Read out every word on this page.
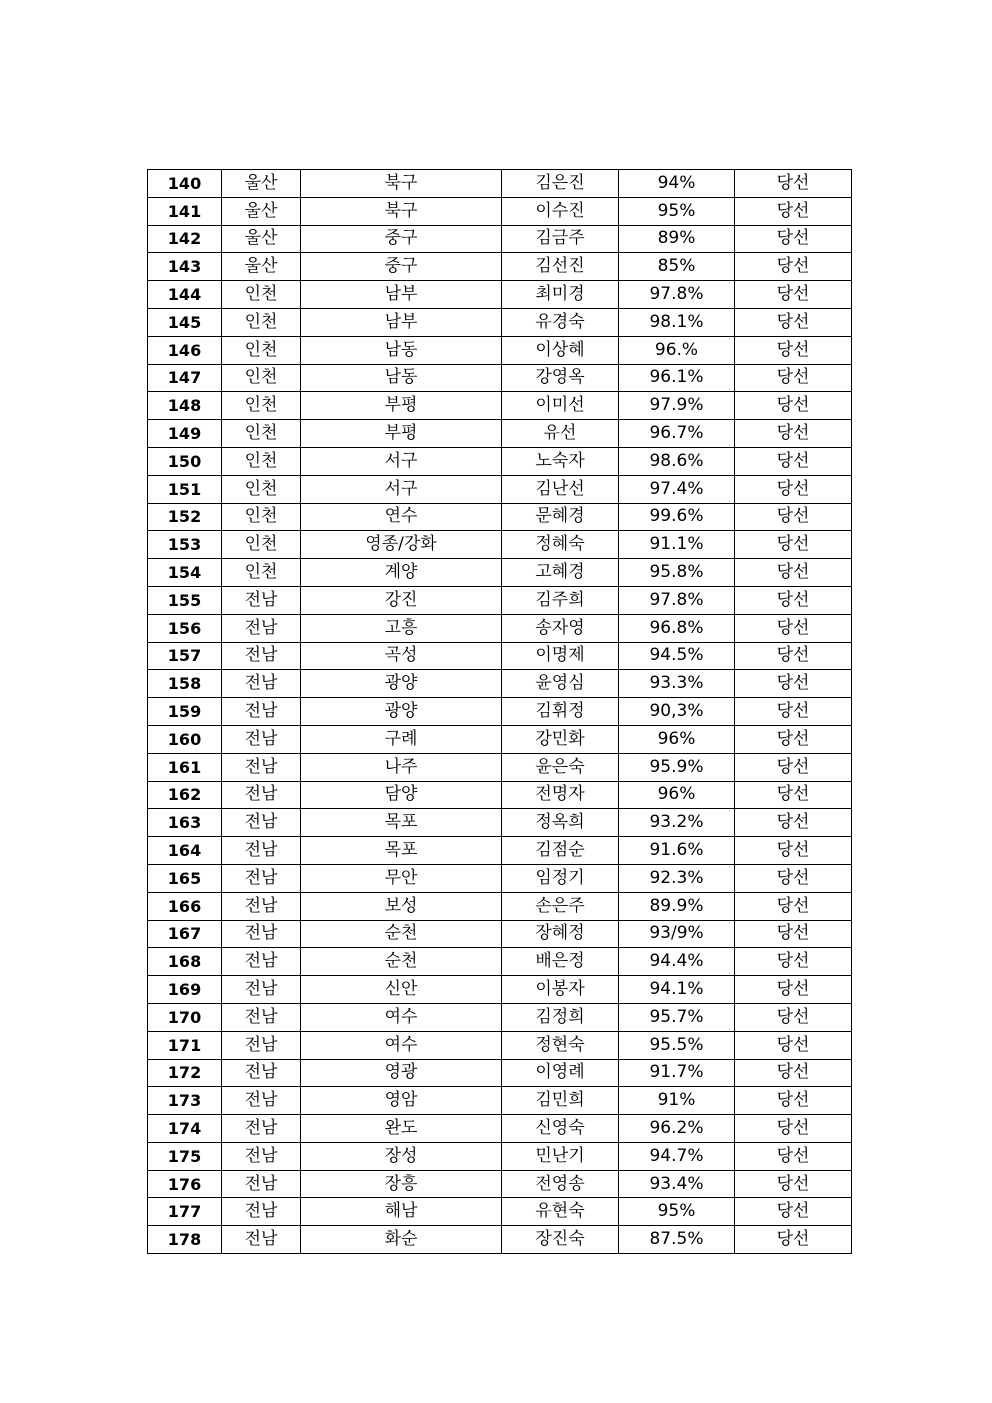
140	울산	북구	김은진	94%	당선
141	울산	북구	이수진	95%	당선
142	울산	중구	김금주	89%	당선
143	울산	중구	김선진	85%	당선
144	인천	남부	최미경	97.8%	당선
145	인천	남부	유경숙	98.1%	당선
146	인천	남동	이상혜	96.%	당선
147	인천	남동	강영옥	96.1%	당선
148	인천	부평	이미선	97.9%	당선
149	인천	부평	유선	96.7%	당선
150	인천	서구	노숙자	98.6%	당선
151	인천	서구	김난선	97.4%	당선
152	인천	연수	문혜경	99.6%	당선
153	인천	영종/강화	정혜숙	91.1%	당선
154	인천	계양	고혜경	95.8%	당선
155	전남	강진	김주희	97.8%	당선
156	전남	고흥	송자영	96.8%	당선
157	전남	곡성	이명제	94.5%	당선
158	전남	광양	윤영심	93.3%	당선
159	전남	광양	김휘정	90,3%	당선
160	전남	구례	강민화	96%	당선
161	전남	나주	윤은숙	95.9%	당선
162	전남	담양	전명자	96%	당선
163	전남	목포	정옥희	93.2%	당선
164	전남	목포	김점순	91.6%	당선
165	전남	무안	임정기	92.3%	당선
166	전남	보성	손은주	89.9%	당선
167	전남	순천	장혜정	93/9%	당선
168	전남	순천	배은정	94.4%	당선
169	전남	신안	이봉자	94.1%	당선
170	전남	여수	김정희	95.7%	당선
171	전남	여수	정현숙	95.5%	당선
172	전남	영광	이영례	91.7%	당선
173	전남	영암	김민희	91%	당선
174	전남	완도	신영숙	96.2%	당선
175	전남	장성	민난기	94.7%	당선
176	전남	장흥	전영송	93.4%	당선
177	전남	해남	유현숙	95%	당선
178	전남	화순	장진숙	87.5%	당선
